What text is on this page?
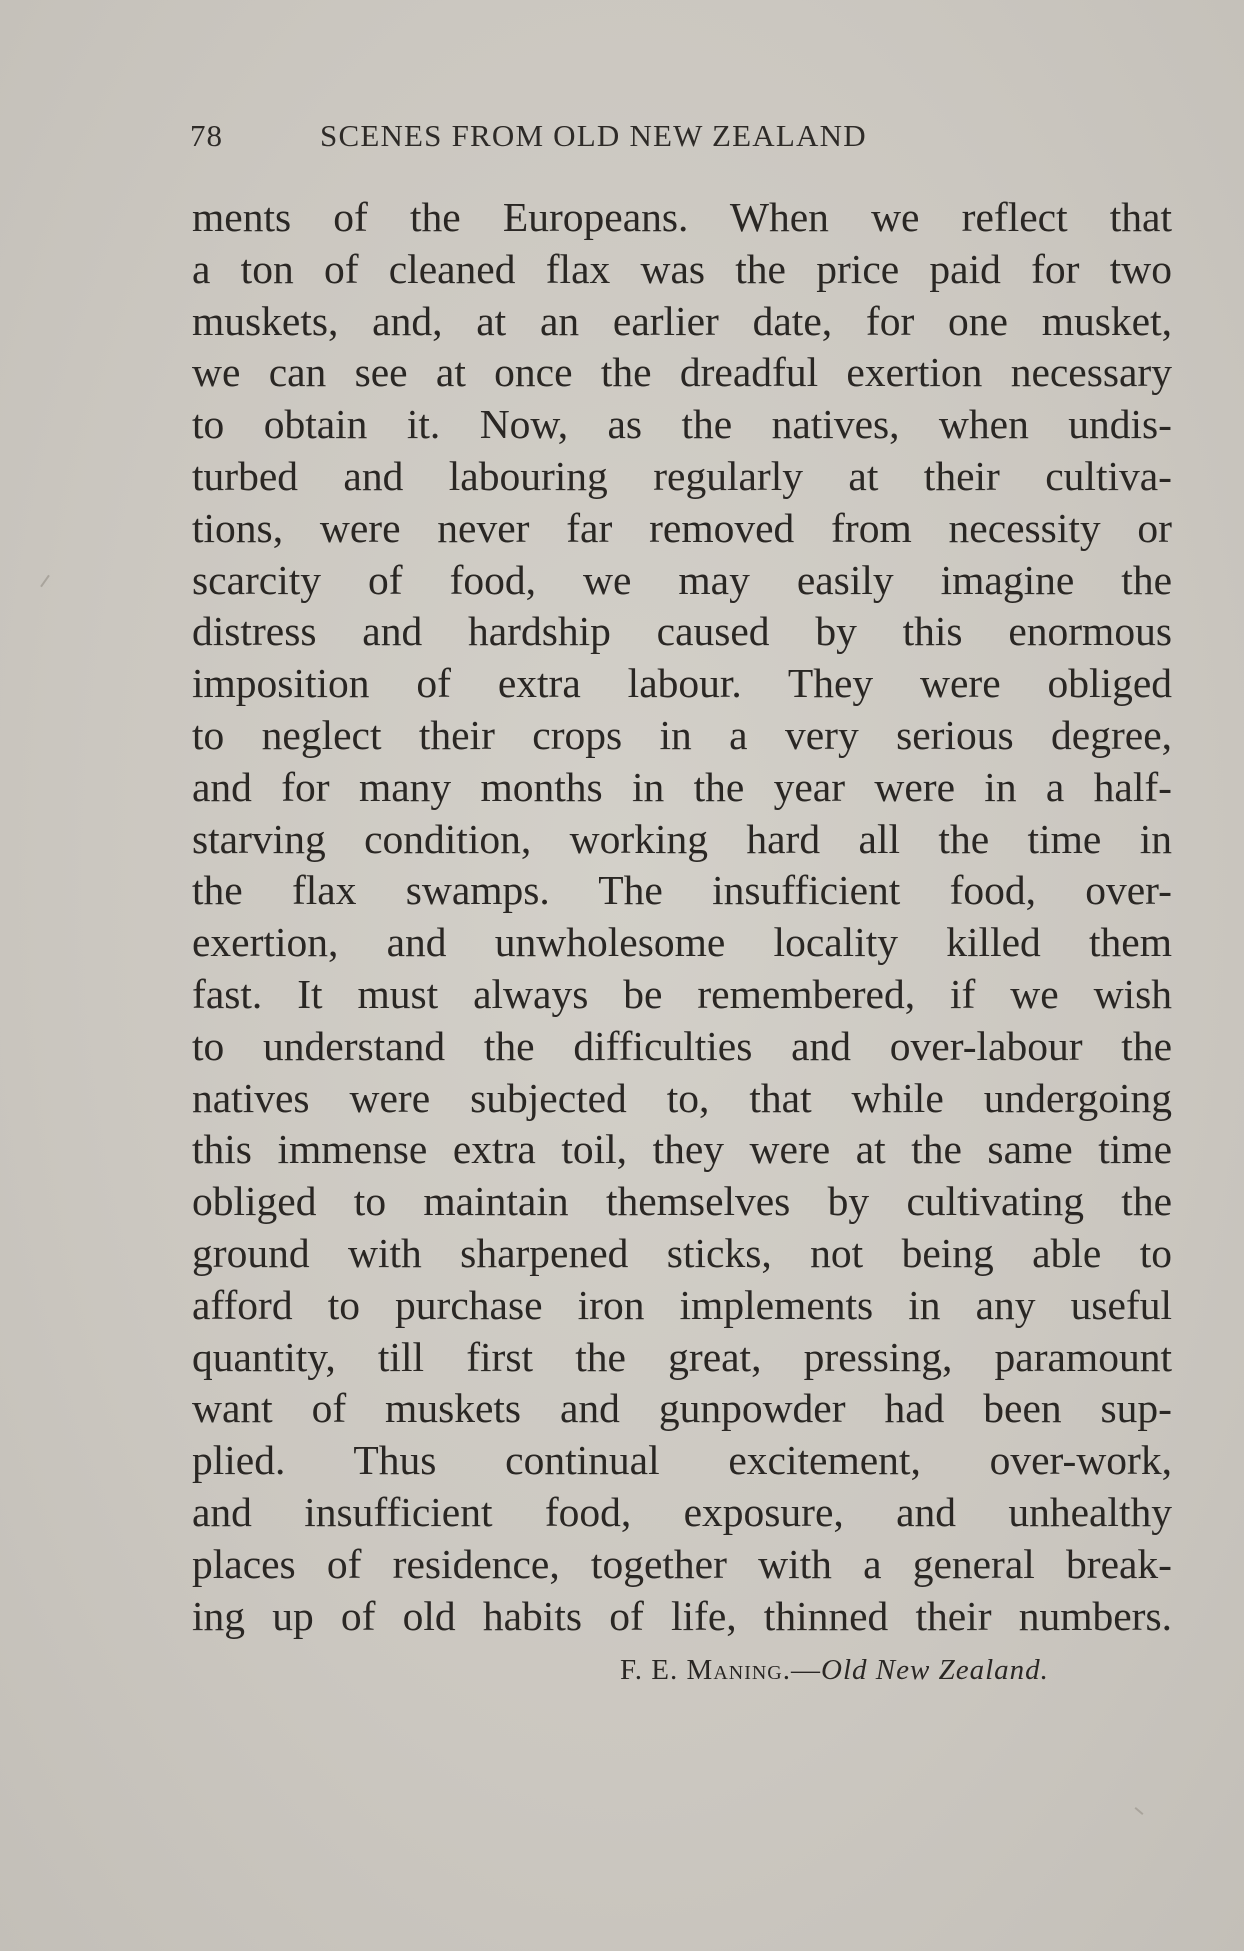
78	SCENES FROM OLD NEW ZEALAND
ments of the Europeans. When we reflect that
a ton of cleaned flax was the price paid for two
muskets, and, at an earlier date, for one musket,
we can see at once the dreadful exertion necessary
to obtain it. Now, as the natives, when undis-
turbed and labouring regularly at their cultiva-
tions, were never far removed from necessity or
scarcity of food, we may easily imagine the
distress and hardship caused by this enormous
imposition of extra labour. They were obliged
to neglect their crops in a very serious degree,
and for many months in the year were in a half-
starving condition, working hard all the time in
the flax swamps. The insufficient food, over-
exertion, and unwholesome locality killed them
fast. It must always be remembered, if we wish
to understand the difficulties and over-labour the
natives were subjected to, that while undergoing
this immense extra toil, they were at the same time
obliged to maintain themselves by cultivating the
ground with sharpened sticks, not being able to
afford to purchase iron implements in any useful
quantity, till first the great, pressing, paramount
want of muskets and gunpowder had been sup-
plied. Thus continual excitement, over-work,
and insufficient food, exposure, and unhealthy
places of residence, together with a general break-
ing up of old habits of life, thinned their numbers.
F. E. Maning.—Old New Zealand.
